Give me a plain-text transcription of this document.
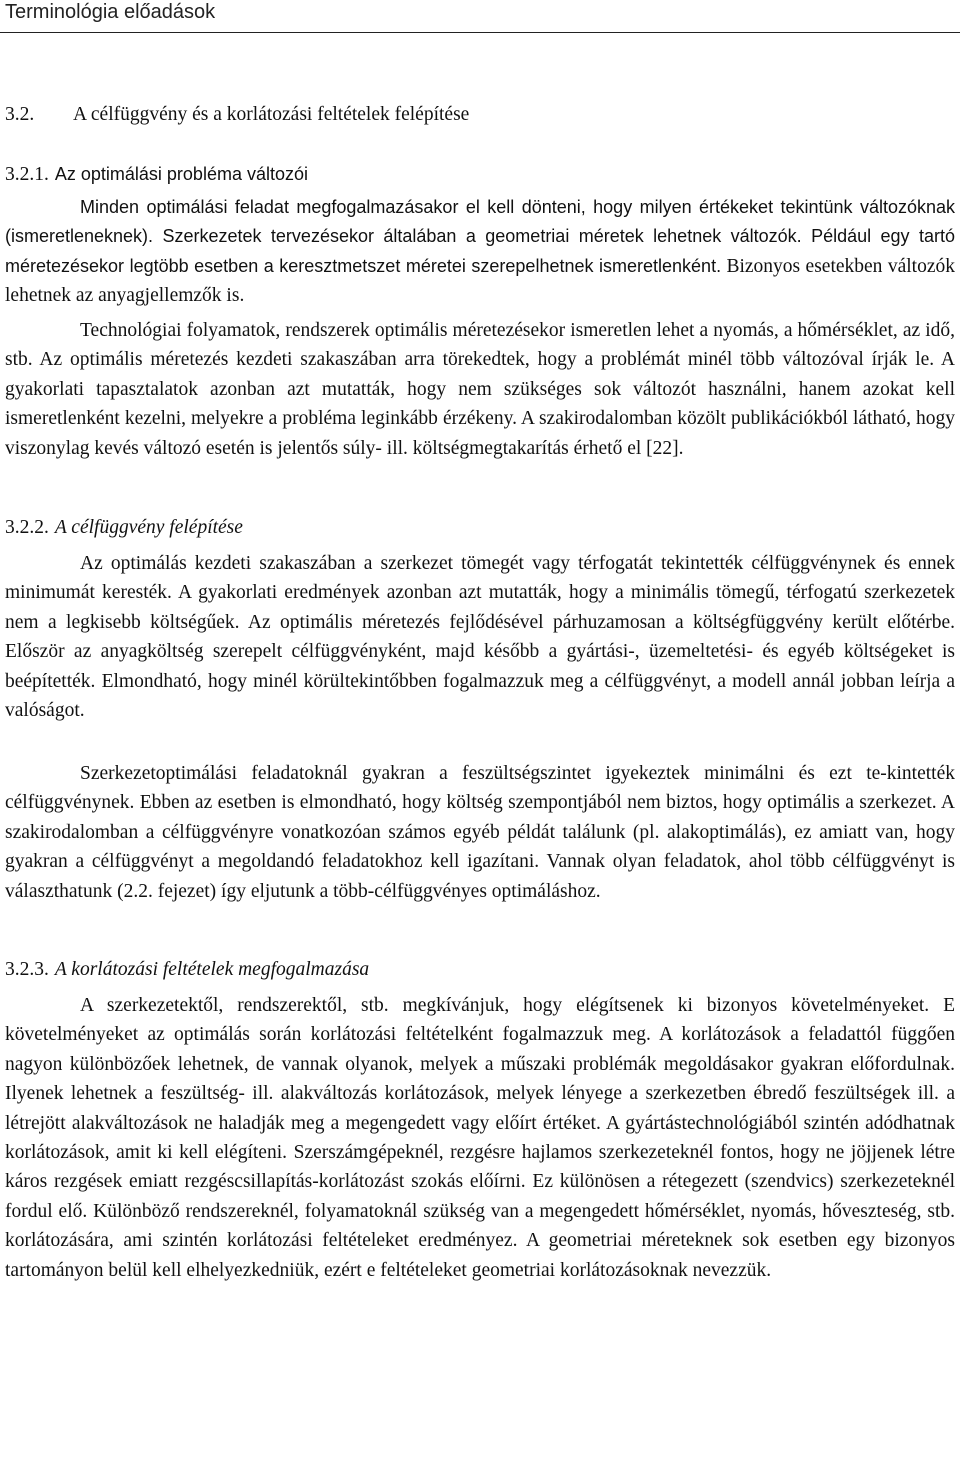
Terminológia előadások
3.2. A célfüggvény és a korlátozási feltételek felépítése
3.2.1. Az optimálási probléma változói

Minden optimálási feladat megfogalmazásakor el kell dönteni, hogy milyen értékeket tekintünk változóknak (ismeretleneknek). Szerkezetek tervezésekor általában a geometriai méretek lehetnek változók. Például egy tartó méretezésekor legtöbb esetben a keresztmetszet méretei szerepelhetnek ismeretlenként. Bizonyos esetekben változók lehetnek az anyagjellemzők is.

Technológiai folyamatok, rendszerek optimális méretezésekor ismeretlen lehet a nyomás, a hőmérséklet, az idő, stb. Az optimális méretezés kezdeti szakaszában arra törekedtek, hogy a problémát minél több változóval írják le. A gyakorlati tapasztalatok azonban azt mutatták, hogy nem szükséges sok változót használni, hanem azokat kell ismeretlenként kezelni, melyekre a probléma leginkább érzékeny. A szakirodalomban közölt publikációkból látható, hogy viszonylag kevés változó esetén is jelentős súly- ill. költségmegtakarítás érhető el [22].

3.2.2. A célfüggvény felépítése

Az optimálás kezdeti szakaszában a szerkezet tömegét vagy térfogatát tekintették célfüggvénynek és ennek minimumát keresték. A gyakorlati eredmények azonban azt mutatták, hogy a minimális tömegű, térfogatú szerkezetek nem a legkisebb költségűek. Az optimális méretezés fejlődésével párhuzamosan a költségfüggvény került előtérbe. Először az anyagköltség szerepelt célfüggvényként, majd később a gyártási-, üzemeltetési- és egyéb költségeket is beépítették. Elmondható, hogy minél körültekintőbben fogalmazzuk meg a célfüggvényt, a modell annál jobban leírja a valóságot.

Szerkezetoptimálási feladatoknál gyakran a feszültségszintet igyekeztek minimálni és ezt te-kintették célfüggvénynek. Ebben az esetben is elmondható, hogy költség szempontjából nem biztos, hogy optimális a szerkezet. A szakirodalomban a célfüggvényre vonatkozóan számos egyéb példát találunk (pl. alakoptimálás), ez amiatt van, hogy gyakran a célfüggvényt a megoldandó feladatokhoz kell igazítani. Vannak olyan feladatok, ahol több célfüggvényt is választhatunk (2.2. fejezet) így eljutunk a több-célfüggvényes optimáláshoz.

3.2.3. A korlátozási feltételek megfogalmazása

A szerkezetektől, rendszerektől, stb. megkívánjuk, hogy elégítsenek ki bizonyos követelményeket. E követelményeket az optimálás során korlátozási feltételként fogalmazzuk meg. A korlátozások a feladattól függően nagyon különbözőek lehetnek, de vannak olyanok, melyek a műszaki problémák megoldásakor gyakran előfordulnak. Ilyenek lehetnek a feszültség- ill. alakváltozás korlátozások, melyek lényege a szerkezetben ébredő feszültségek ill. a létrejött alakváltozások ne haladják meg a megengedett vagy előírt értéket. A gyártástechnológiából szintén adódhatnak korlátozások, amit ki kell elégíteni. Szerszámgépeknél, rezgésre hajlamos szerkezeteknél fontos, hogy ne jöjjenek létre káros rezgések emiatt rezgéscsillapítás-korlátozást szokás előírni. Ez különösen a rétegezett (szendvics) szerkezeteknél fordul elő. Különböző rendszereknél, folyamatoknál szükség van a megengedett hőmérséklet, nyomás, hőveszteség, stb. korlátozására, ami szintén korlátozási feltételeket eredményez. A geometriai méreteknek sok esetben egy bizonyos tartományon belül kell elhelyezkedniük, ezért e feltételeket geometriai korlátozásoknak nevezzük.
